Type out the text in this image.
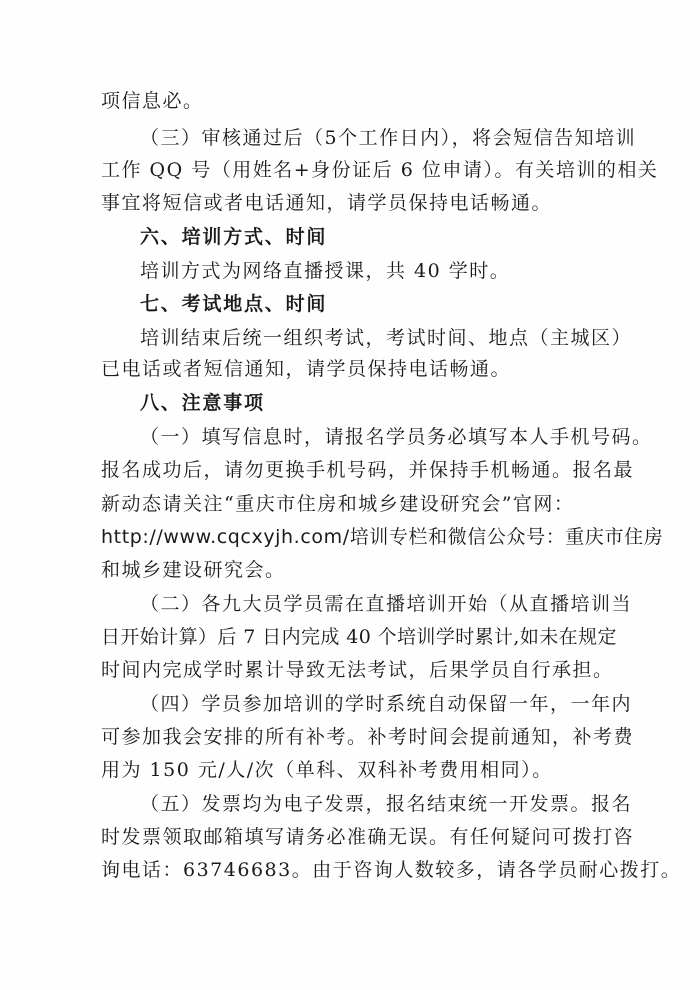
项信息必。
（三）审核通过后（5个工作日内），将会短信告知培训
工作 QQ 号（用姓名+身份证后 6 位申请）。有关培训的相关
事宜将短信或者电话通知，请学员保持电话畅通。
六、培训方式、时间
培训方式为网络直播授课，共 40 学时。
七、考试地点、时间
培训结束后统一组织考试，考试时间、地点（主城区）
已电话或者短信通知，请学员保持电话畅通。
八、注意事项
（一）填写信息时，请报名学员务必填写本人手机号码。
报名成功后，请勿更换手机号码，并保持手机畅通。报名最
新动态请关注“重庆市住房和城乡建设研究会”官网：
http://www.cqcxyjh.com/培训专栏和微信公众号：重庆市住房
和城乡建设研究会。
（二）各九大员学员需在直播培训开始（从直播培训当
日开始计算）后 7 日内完成 40 个培训学时累计,如未在规定
时间内完成学时累计导致无法考试，后果学员自行承担。
（四）学员参加培训的学时系统自动保留一年，一年内
可参加我会安排的所有补考。补考时间会提前通知，补考费
用为 150 元/人/次（单科、双科补考费用相同）。
（五）发票均为电子发票，报名结束统一开发票。报名
时发票领取邮箱填写请务必准确无误。有任何疑问可拨打咨
询电话：63746683。由于咨询人数较多，请各学员耐心拨打。
